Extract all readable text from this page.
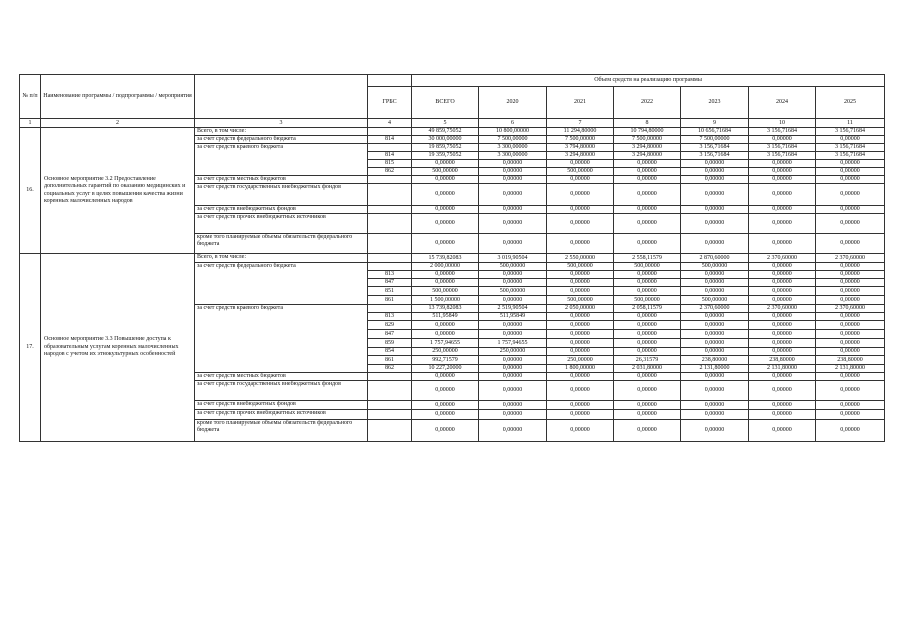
№ п/п	Наименование программы / подпрограммы / мероприятия			Объем средств на реализацию программы						
			ГРБС	ВСЕГО	2020	2021	2022	2023	2024	2025
1	2	3	4	5	6	7	8	9	10	11
16.	Основное мероприятие 3.2 Предоставление дополнительных гарантий по оказанию медицинских и социальных услуг в целях повышения качества жизни коренных малочисленных народов	Всего, в том числе:		49 859,75052	10 800,00000	11 294,80000	10 794,80000	10 656,71684	3 156,71684	3 156,71684
		за счет средств федерального бюджета	814	30 000,00000	7 500,00000	7 500,00000	7 500,00000	7 500,00000	0,00000	0,00000
		за счет средств краевого бюджета		19 859,75052	3 300,00000	3 794,80000	3 294,80000	3 156,71684	3 156,71684	3 156,71684
			814	19 359,75052	3 300,00000	3 294,80000	3 294,80000	3 156,71684	3 156,71684	3 156,71684
			815	0,00000	0,00000	0,00000	0,00000	0,00000	0,00000	0,00000
			862	500,00000	0,00000	500,00000	0,00000	0,00000	0,00000	0,00000
		за счет средств местных бюджетов		0,00000	0,00000	0,00000	0,00000	0,00000	0,00000	0,00000
		за счет средств государственных внебюджетных фондов		0,00000	0,00000	0,00000	0,00000	0,00000	0,00000	0,00000
		за счет средств внебюджетных фондов		0,00000	0,00000	0,00000	0,00000	0,00000	0,00000	0,00000
		за счет средств прочих внебюджетных источников		0,00000	0,00000	0,00000	0,00000	0,00000	0,00000	0,00000
		кроме того планируемые объемы обязательств федерального бюджета		0,00000	0,00000	0,00000	0,00000	0,00000	0,00000	0,00000
17.	Основное мероприятие 3.3 Повышение доступа к образовательным услугам коренных малочисленных народов с учетом их этнокультурных особенностей	Всего, в том числе:		15 739,82083	3 019,90504	2 550,00000	2 558,11579	2 870,60000	2 370,60000	2 370,60000
		за счет средств федерального бюджета		2 000,00000	500,00000	500,00000	500,00000	500,00000	0,00000	0,00000
			813	0,00000	0,00000	0,00000	0,00000	0,00000	0,00000	0,00000
			847	0,00000	0,00000	0,00000	0,00000	0,00000	0,00000	0,00000
			851	500,00000	500,00000	0,00000	0,00000	0,00000	0,00000	0,00000
			861	1 500,00000	0,00000	500,00000	500,00000	500,00000	0,00000	0,00000
		за счет средств краевого бюджета		13 739,82083	2 519,90504	2 050,00000	2 058,11579	2 370,60000	2 370,60000	2 370,60000
			813	511,95849	511,95849	0,00000	0,00000	0,00000	0,00000	0,00000
			829	0,00000	0,00000	0,00000	0,00000	0,00000	0,00000	0,00000
			847	0,00000	0,00000	0,00000	0,00000	0,00000	0,00000	0,00000
			859	1 757,94655	1 757,94655	0,00000	0,00000	0,00000	0,00000	0,00000
			854	250,00000	250,00000	0,00000	0,00000	0,00000	0,00000	0,00000
			861	992,71579	0,00000	250,00000	26,31579	238,80000	238,80000	238,80000
			862	10 227,20000	0,00000	1 800,00000	2 031,80000	2 131,80000	2 131,80000	2 131,80000
		за счет средств местных бюджетов		0,00000	0,00000	0,00000	0,00000	0,00000	0,00000	0,00000
		за счет средств государственных внебюджетных фондов		0,00000	0,00000	0,00000	0,00000	0,00000	0,00000	0,00000
		за счет средств внебюджетных фондов		0,00000	0,00000	0,00000	0,00000	0,00000	0,00000	0,00000
		за счет средств прочих внебюджетных источников		0,00000	0,00000	0,00000	0,00000	0,00000	0,00000	0,00000
		кроме того планируемые объемы обязательств федерального бюджета		0,00000	0,00000	0,00000	0,00000	0,00000	0,00000	0,00000
